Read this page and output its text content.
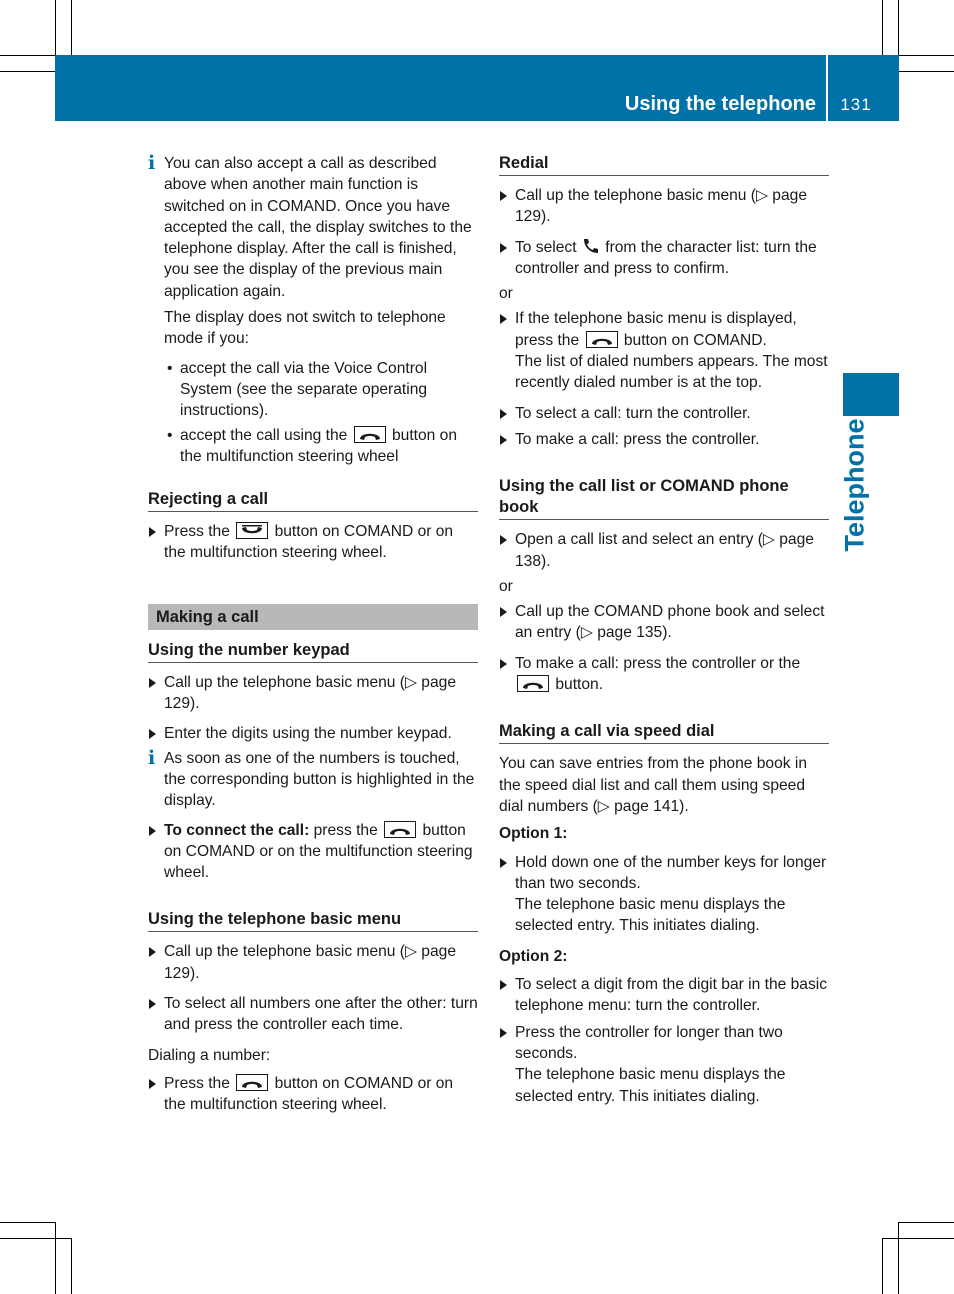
Using the telephone	131
Telephone
i You can also accept a call as described above when another main function is switched on in COMAND. Once you have accepted the call, the display switches to the telephone display. After the call is finished, you see the display of the previous main application again.
The display does not switch to telephone mode if you:
• accept the call via the Voice Control System (see the separate operating instructions).
• accept the call using the	button on the multifunction steering wheel
Rejecting a call
Press the	button on COMAND or on the multifunction steering wheel.
Making a call
Using the number keypad
Call up the telephone basic menu (▷ page 129).
Enter the digits using the number keypad.
i As soon as one of the numbers is touched, the corresponding button is highlighted in the display.
To connect the call: press the	button on COMAND or on the multifunction steering wheel.
Using the telephone basic menu
Call up the telephone basic menu (▷ page 129).
To select all numbers one after the other: turn and press the controller each time.
Dialing a number:
Press the	button on COMAND or on the multifunction steering wheel.
Redial
Call up the telephone basic menu (▷ page 129).
To select from the character list: turn the controller and press to confirm.
or
If the telephone basic menu is displayed, press the	button on COMAND.
The list of dialed numbers appears. The most recently dialed number is at the top.
To select a call: turn the controller.
To make a call: press the controller.
Using the call list or COMAND phone book
Open a call list and select an entry (▷ page 138).
or
Call up the COMAND phone book and select an entry (▷ page 135).
To make a call: press the controller or the
button.
Making a call via speed dial
You can save entries from the phone book in the speed dial list and call them using speed dial numbers (▷ page 141).
Option 1:
Hold down one of the number keys for longer than two seconds.
The telephone basic menu displays the selected entry. This initiates dialing.
Option 2:
To select a digit from the digit bar in the basic telephone menu: turn the controller.
Press the controller for longer than two seconds.
The telephone basic menu displays the selected entry. This initiates dialing.
